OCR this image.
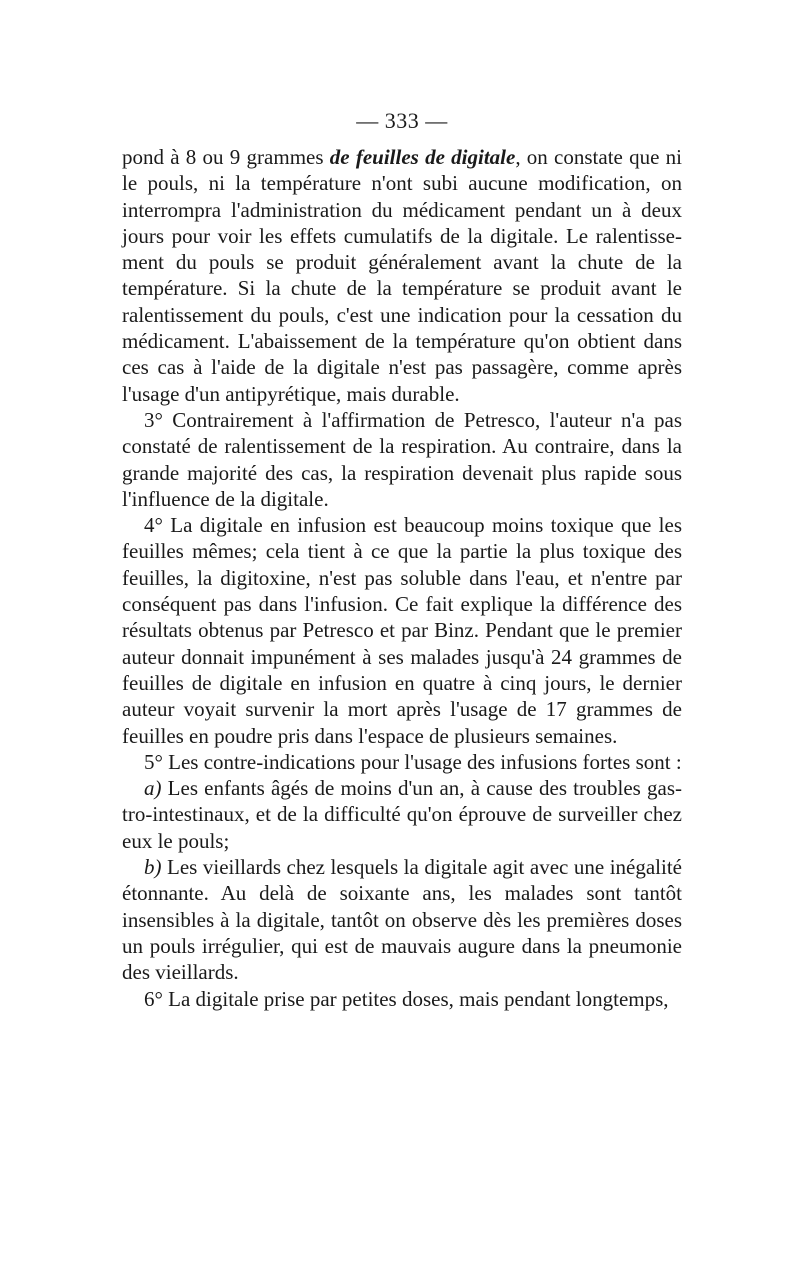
— 333 —

pond à 8 ou 9 grammes de feuilles de digitale, on constate que ni le pouls, ni la température n'ont subi aucune modification, on interrompra l'administration du médicament pendant un à deux jours pour voir les effets cumulatifs de la digitale. Le ralentissement du pouls se produit généralement avant la chute de la température. Si la chute de la température se produit avant le ralentissement du pouls, c'est une indication pour la cessation du médicament. L'abaissement de la température qu'on obtient dans ces cas à l'aide de la digitale n'est pas passagère, comme après l'usage d'un antipyrétique, mais durable.

3° Contrairement à l'affirmation de Petresco, l'auteur n'a pas constaté de ralentissement de la respiration. Au contraire, dans la grande majorité des cas, la respiration devenait plus rapide sous l'influence de la digitale.

4° La digitale en infusion est beaucoup moins toxique que les feuilles mêmes; cela tient à ce que la partie la plus toxique des feuilles, la digitoxine, n'est pas soluble dans l'eau, et n'entre par conséquent pas dans l'infusion. Ce fait explique la différence des résultats obtenus par Petresco et par Binz. Pendant que le premier auteur donnait impunément à ses malades jusqu'à 24 grammes de feuilles de digitale en infusion en quatre à cinq jours, le dernier auteur voyait survenir la mort après l'usage de 17 grammes de feuilles en poudre pris dans l'espace de plusieurs semaines.

5° Les contre-indications pour l'usage des infusions fortes sont :

a) Les enfants âgés de moins d'un an, à cause des troubles gastro-intestinaux, et de la difficulté qu'on éprouve de surveiller chez eux le pouls;

b) Les vieillards chez lesquels la digitale agit avec une inégalité étonnante. Au delà de soixante ans, les malades sont tantôt insensibles à la digitale, tantôt on observe dès les premières doses un pouls irrégulier, qui est de mauvais augure dans la pneumonie des vieillards.

6° La digitale prise par petites doses, mais pendant longtemps,
